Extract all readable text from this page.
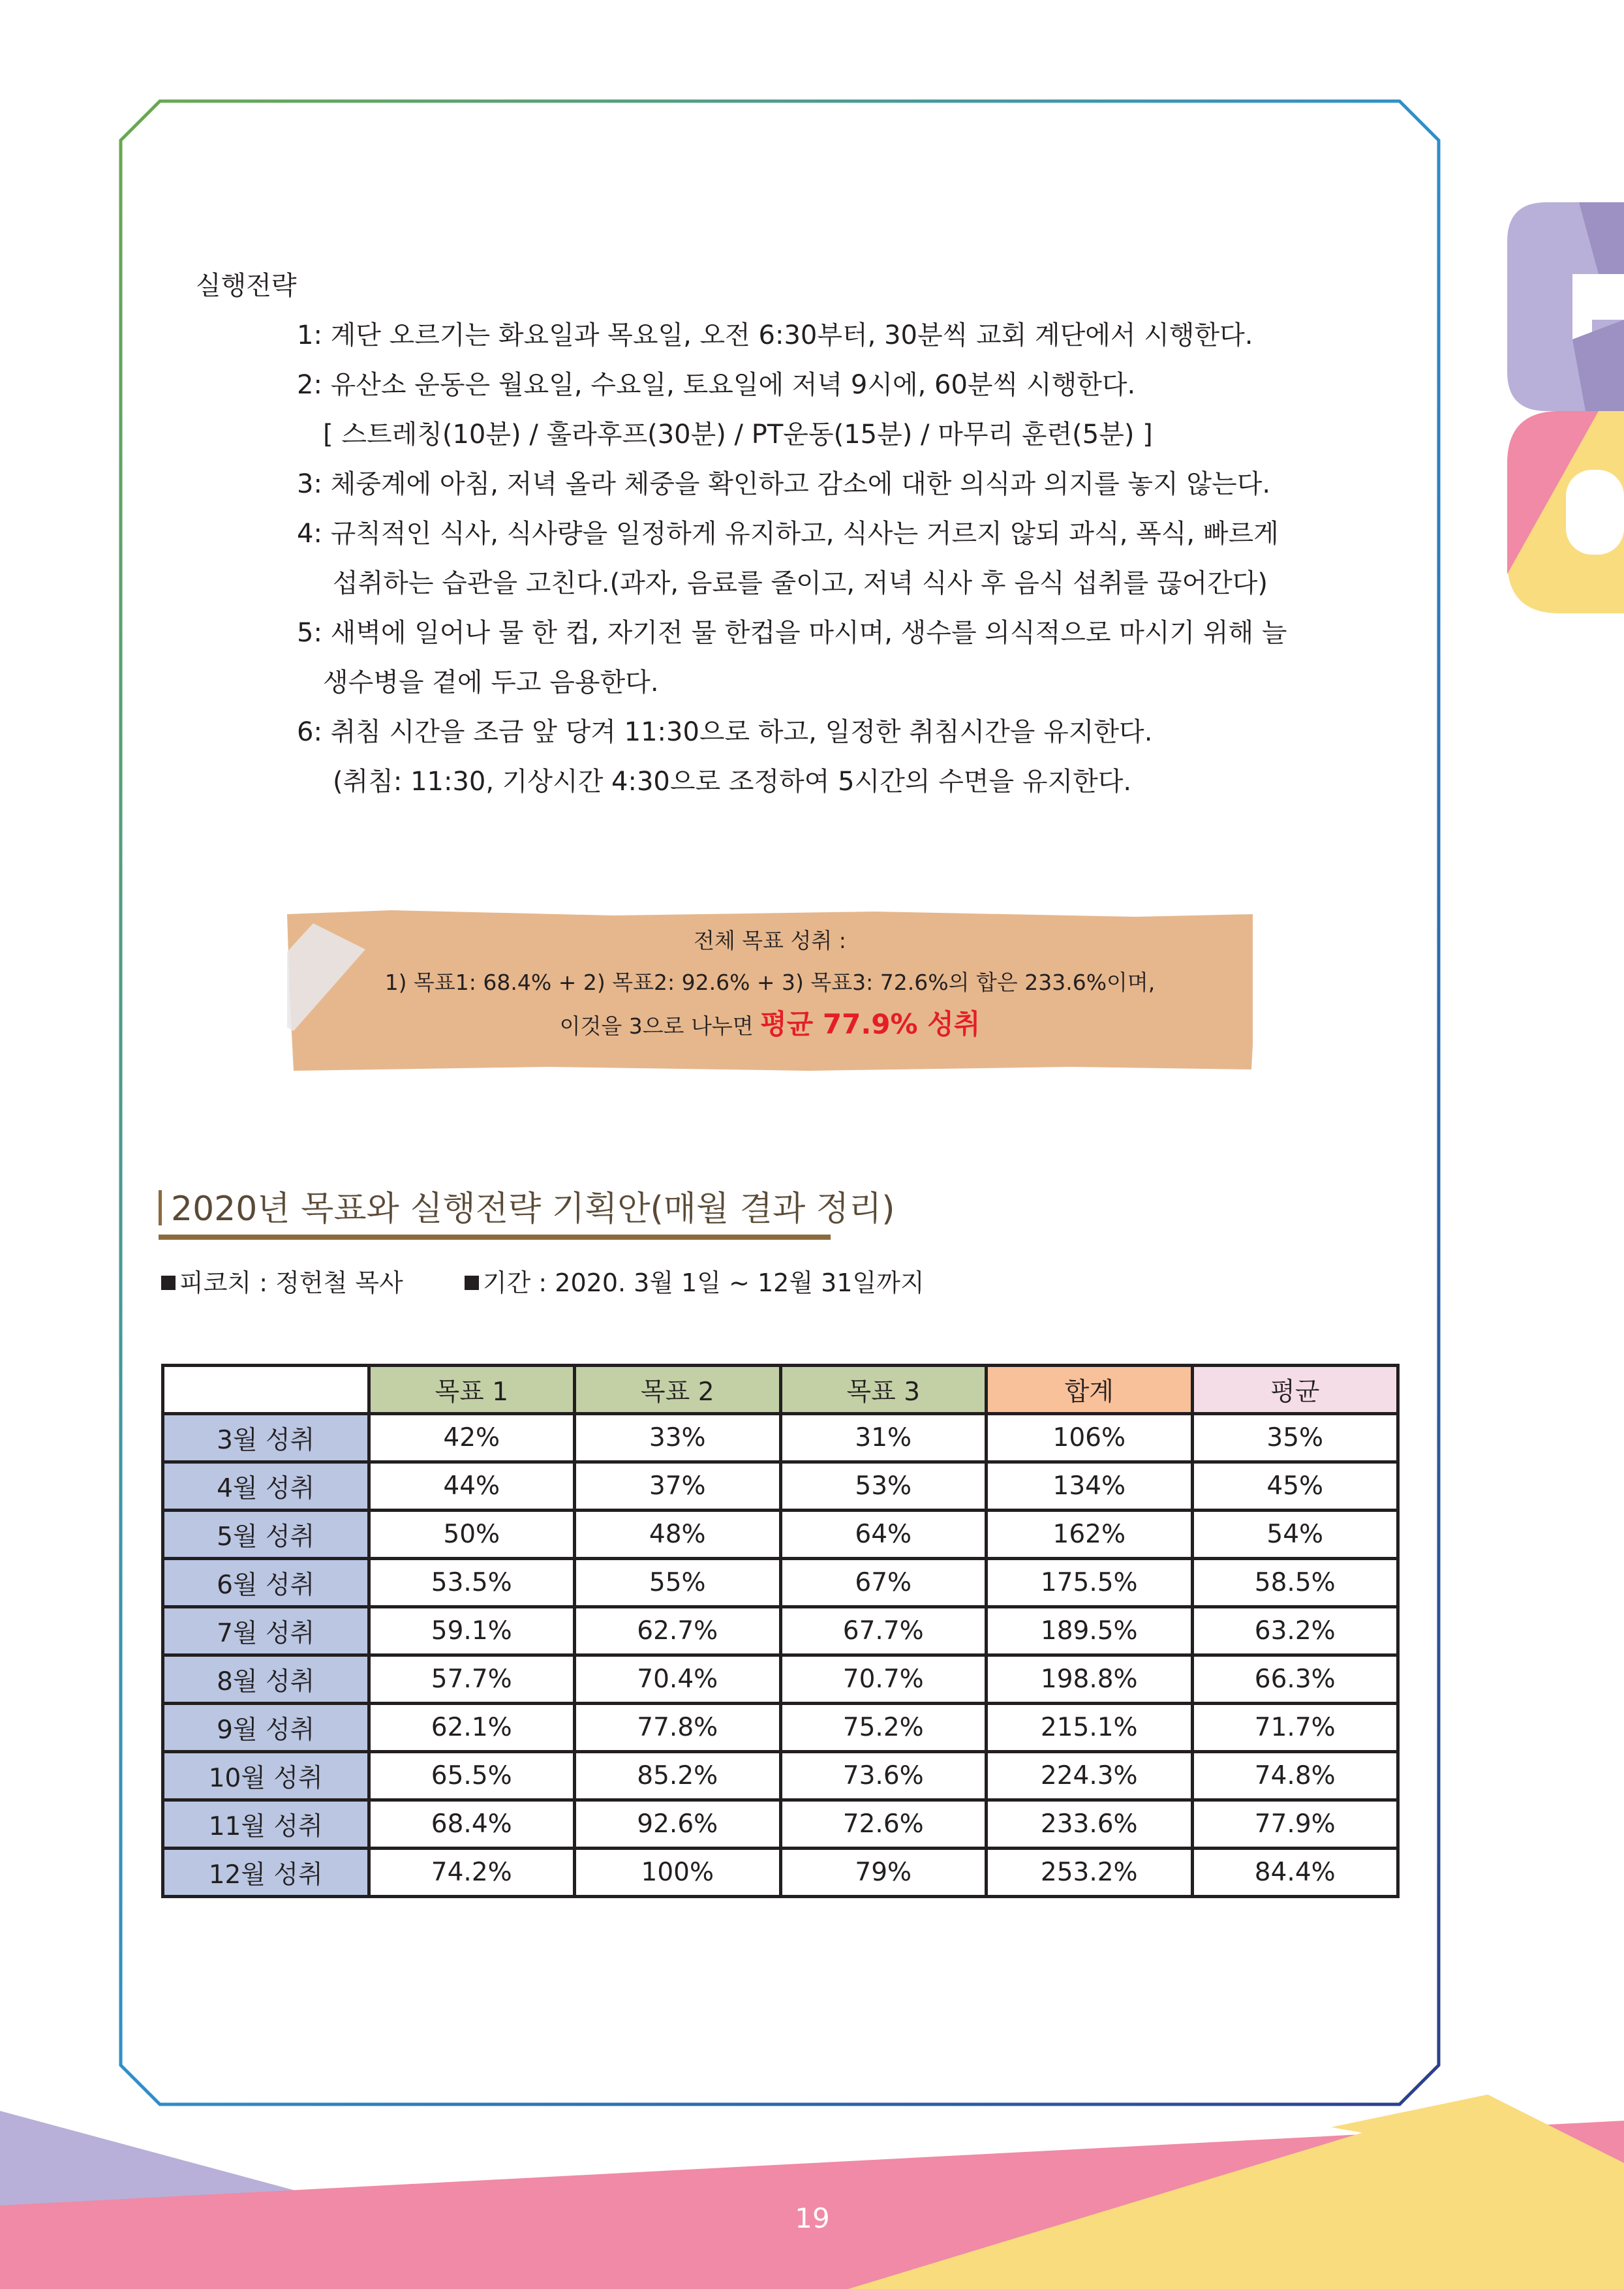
실행전략
1: 계단 오르기는 화요일과 목요일, 오전 6:30부터, 30분씩 교회 계단에서 시행한다.
2: 유산소 운동은 월요일, 수요일, 토요일에 저녁 9시에, 60분씩 시행한다.
[ 스트레칭(10분) / 훌라후프(30분) / PT운동(15분) / 마무리 훈련(5분) ]
3: 체중계에 아침, 저녁 올라 체중을 확인하고 감소에 대한 의식과 의지를 놓지 않는다.
4: 규칙적인 식사, 식사량을 일정하게 유지하고, 식사는 거르지 않되 과식, 폭식, 빠르게
섭취하는 습관을 고친다.(과자, 음료를 줄이고, 저녁 식사 후 음식 섭취를 끊어간다)
5: 새벽에 일어나 물 한 컵, 자기전 물 한컵을 마시며, 생수를 의식적으로 마시기 위해 늘
생수병을 곁에 두고 음용한다.
6: 취침 시간을 조금 앞 당겨 11:30으로 하고, 일정한 취침시간을 유지한다.
(취침: 11:30, 기상시간 4:30으로 조정하여 5시간의 수면을 유지한다.
전체 목표 성취 :
1) 목표1: 68.4% + 2) 목표2: 92.6% + 3) 목표3: 72.6%의 합은 233.6%이며,
이것을 3으로 나누면 평균 77.9% 성취
2020년 목표와 실행전략 기획안(매월 결과 정리)
피코치 : 정헌철 목사	기간 : 2020. 3월 1일 ~ 12월 31일까지
	목표 1	목표 2	목표 3	합계	평균
3월 성취	42%	33%	31%	106%	35%
4월 성취	44%	37%	53%	134%	45%
5월 성취	50%	48%	64%	162%	54%
6월 성취	53.5%	55%	67%	175.5%	58.5%
7월 성취	59.1%	62.7%	67.7%	189.5%	63.2%
8월 성취	57.7%	70.4%	70.7%	198.8%	66.3%
9월 성취	62.1%	77.8%	75.2%	215.1%	71.7%
10월 성취	65.5%	85.2%	73.6%	224.3%	74.8%
11월 성취	68.4%	92.6%	72.6%	233.6%	77.9%
12월 성취	74.2%	100%	79%	253.2%	84.4%
19
